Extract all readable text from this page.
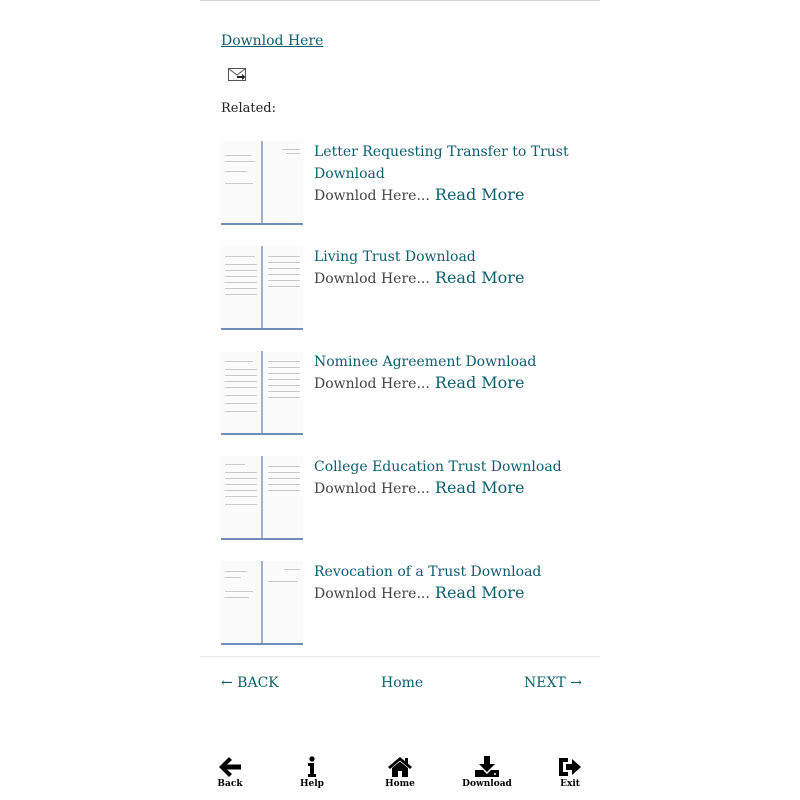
Downlod Here
Related:
Letter Requesting Transfer to Trust Download
Downlod Here... Read More
Living Trust Download
Downlod Here... Read More
Nominee Agreement Download
Downlod Here... Read More
College Education Trust Download
Downlod Here... Read More
Revocation of a Trust Download
Downlod Here... Read More
← BACK	Home	NEXT →
Back	Help	Home	Download	Exit
